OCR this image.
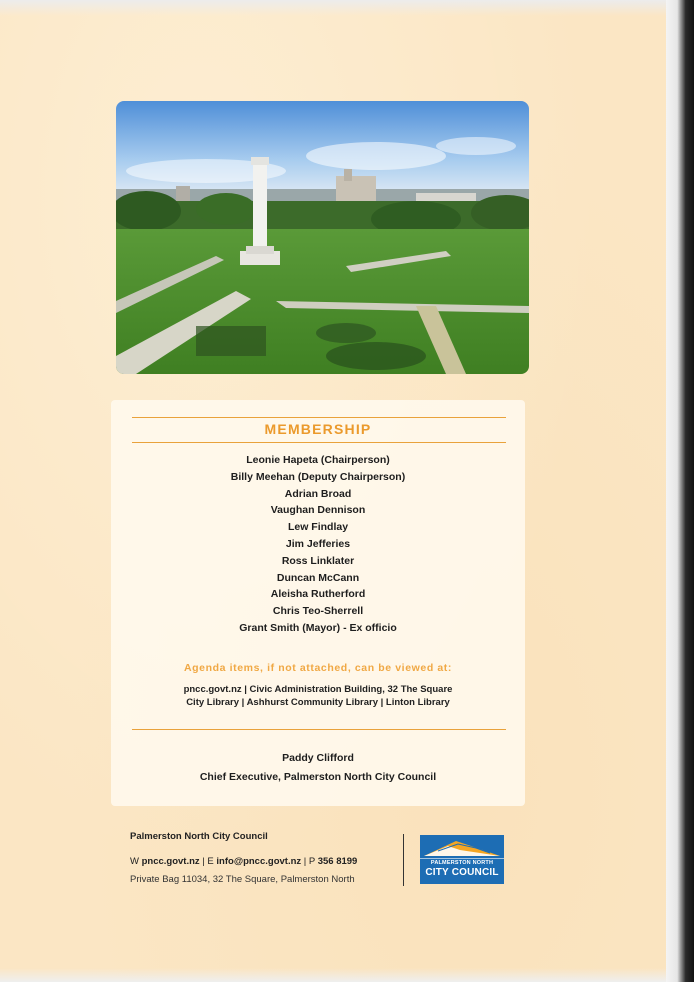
MEMBERSHIP
Leonie Hapeta (Chairperson)
Billy Meehan (Deputy Chairperson)
Adrian Broad
Vaughan Dennison
Lew Findlay
Jim Jefferies
Ross Linklater
Duncan McCann
Aleisha Rutherford
Chris Teo-Sherrell
Grant Smith (Mayor) - Ex officio
Agenda items, if not attached, can be viewed at:
pncc.govt.nz | Civic Administration Building, 32 The Square
City Library | Ashhurst Community Library | Linton Library
Paddy Clifford
Chief Executive, Palmerston North City Council
Palmerston North City Council
W pncc.govt.nz | E info@pncc.govt.nz | P 356 8199
Private Bag 11034, 32 The Square, Palmerston North
PALMERSTON NORTH
CITY COUNCIL
